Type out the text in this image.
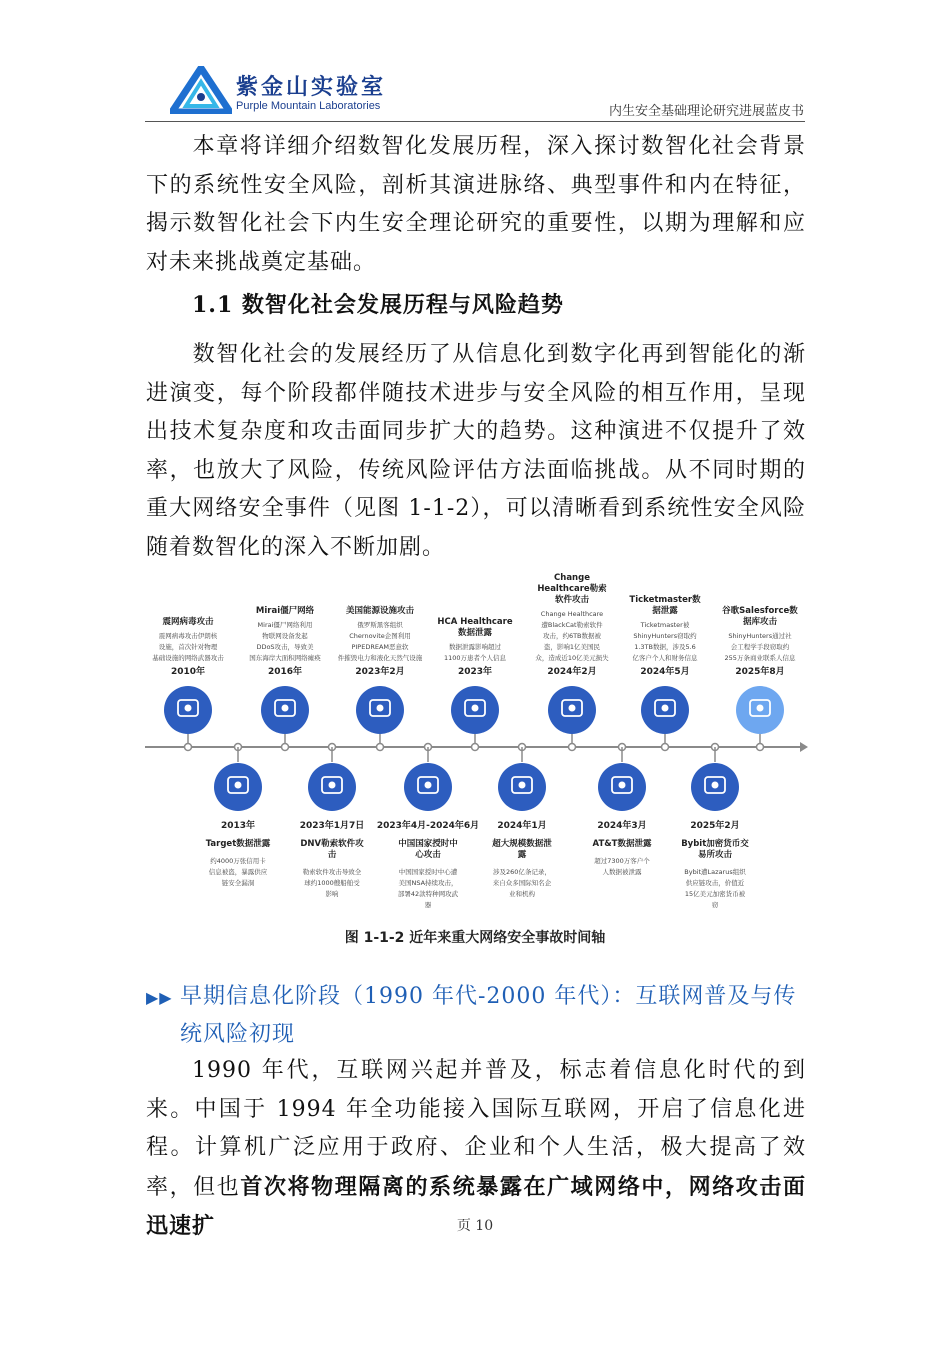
紫金山实验室
Purple Mountain Laboratories	内生安全基础理论研究进展蓝皮书

本章将详细介绍数智化发展历程，深入探讨数智化社会背景下的系统性安全风险，剖析其演进脉络、典型事件和内在特征，揭示数智化社会下内生安全理论研究的重要性，以期为理解和应对未来挑战奠定基础。

1.1 数智化社会发展历程与风险趋势

数智化社会的发展经历了从信息化到数字化再到智能化的渐进演变，每个阶段都伴随技术进步与安全风险的相互作用，呈现出技术复杂度和攻击面同步扩大的趋势。这种演进不仅提升了效率，也放大了风险，传统风险评估方法面临挑战。从不同时期的重大网络安全事件（见图 1-1-2），可以清晰看到系统性安全风险随着数智化的深入不断加剧。

震网病毒攻击
震网病毒攻击伊朗核
设施，首次针对物理
基础设施的网络武器攻击
2010年
Mirai僵尸网络
Mirai僵尸网络利用
物联网设备发起
DDoS攻击，导致美
国东海岸大面积网络瘫痪
2016年
美国能源设施攻击
俄罗斯黑客组织
Chernovite企图利用
PIPEDREAM恶意软
件摧毁电力和液化天然气设施
2023年2月
HCA Healthcare
数据泄露
数据泄露影响超过
1100万患者个人信息
2023年
Change
Healthcare勒索
软件攻击
Change Healthcare
遭BlackCat勒索软件
攻击，约6TB数据被
盗，影响1亿美国民
众，造成近10亿美元损失
2024年2月
Ticketmaster数
据泄露
Ticketmaster被
ShinyHunters窃取约
1.3TB数据，涉及5.6
亿客户个人和财务信息
2024年5月
谷歌Salesforce数
据库攻击
ShinyHunters通过社
会工程学手段窃取约
255万条商业联系人信息
2025年8月
2013年
Target数据泄露
约4000万张信用卡
信息被盗，暴露供应
链安全漏洞
2023年1月7日
DNV勒索软件攻
击
勒索软件攻击导致全
球约1000艘船舶受
影响
2023年4月-2024年6月
中国国家授时中
心攻击
中国国家授时中心遭
美国NSA持续攻击，
部署42款特种网攻武
器
2024年1月
超大规模数据泄
露
涉及260亿条记录，
来自众多国际知名企
业和机构
2024年3月
AT&T数据泄露
超过7300万客户个
人数据被泄露
2025年2月
Bybit加密货币交
易所攻击
Bybit遭Lazarus组织
供应链攻击，价值近
15亿美元加密货币被
窃
图 1-1-2 近年来重大网络安全事故时间轴
▶▶ 早期信息化阶段（1990 年代-2000 年代）：互联网普及与传
统风险初现

1990 年代，互联网兴起并普及，标志着信息化时代的到来。中国于 1994 年全功能接入国际互联网，开启了信息化进程。计算机广泛应用于政府、企业和个人生活，极大提高了效率，但也首次将物理隔离的系统暴露在广域网络中，网络攻击面迅速扩	页 10
